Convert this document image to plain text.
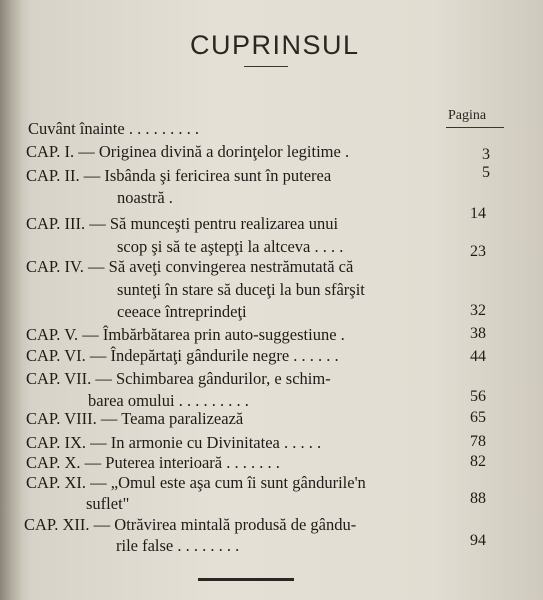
CUPRINSUL
Pagina
Cuvânt înainte . . . . . . . . .
CAP. I. — Originea divină a dorinţelor legitime .
CAP. II. — Isbânda şi fericirea sunt în puterea
noastră .
CAP. III. — Să munceşti pentru realizarea unui
scop şi să te aştepţi la altceva . . . .
CAP. IV. — Să aveţi convingerea nestrămutată că
sunteţi în stare să duceţi la bun sfârşit
ceeace întreprindeţi
CAP. V. — Îmbărbătarea prin auto-suggestiune .
CAP. VI. — Îndepărtaţi gândurile negre . . . . . .
CAP. VII. — Schimbarea gândurilor, e schim-
barea omului . . . . . . . . .
CAP. VIII. — Teama paralizează
CAP. IX. — In armonie cu Divinitatea . . . . .
CAP. X. — Puterea interioară . . . . . . .
CAP. XI. — „Omul este aşa cum îi sunt gândurile'n
suflet"
CAP. XII. — Otrăvirea mintală produsă de gându-
rile false . . . . . . . .
3
5
14
23
32
38
44
56
65
78
82
88
94
